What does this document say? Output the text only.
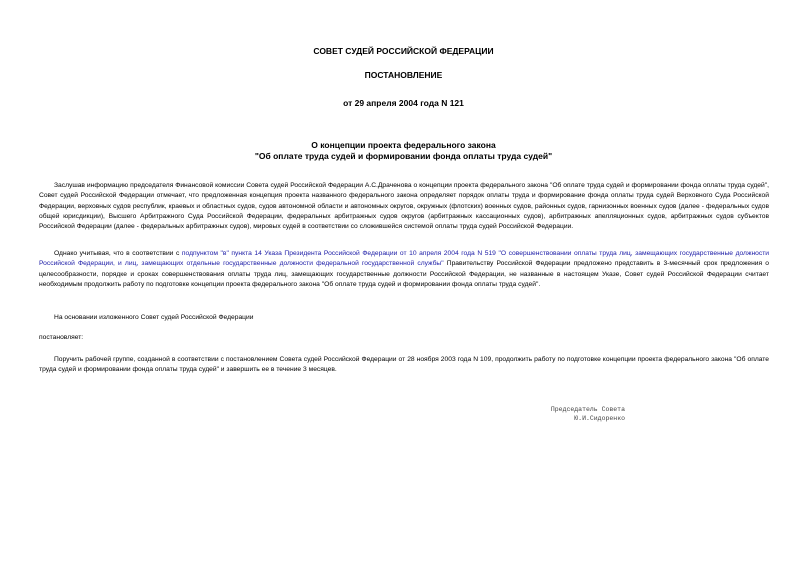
СОВЕТ СУДЕЙ РОССИЙСКОЙ ФЕДЕРАЦИИ
ПОСТАНОВЛЕНИЕ
от 29 апреля 2004 года N 121
О концепции проекта федерального закона
"Об оплате труда судей и формировании фонда оплаты труда судей"

Заслушав информацию председателя Финансовой комиссии Совета судей Российской Федерации А.С.Драченова о концепции проекта федерального закона "Об оплате труда судей и формировании фонда оплаты труда судей", Совет судей Российской Федерации отмечает, что предложенная концепция проекта названного федерального закона определяет порядок оплаты труда и формирование фонда оплаты труда судей Верховного Суда Российской Федерации, верховных судов республик, краевых и областных судов, судов автономной области и автономных округов, окружных (флотских) военных судов, районных судов, гарнизонных военных судов (далее - федеральных судов общей юрисдикции), Высшего Арбитражного Суда Российской Федерации, федеральных арбитражных судов округов (арбитражных кассационных судов), арбитражных апелляционных судов, арбитражных судов субъектов Российской Федерации (далее - федеральных арбитражных судов), мировых судей в соответствии со сложившейся системой оплаты труда судей Российской Федерации.

Однако учитывая, что в соответствии с подпунктом "в" пункта 14 Указа Президента Российской Федерации от 10 апреля 2004 года N 519 "О совершенствовании оплаты труда лиц, замещающих государственные должности Российской Федерации, и лиц, замещающих отдельные государственные должности федеральной государственной службы" Правительству Российской Федерации предложено представить в 3-месячный срок предложения о целесообразности, порядке и сроках совершенствования оплаты труда лиц, замещающих государственные должности Российской Федерации, не названные в настоящем Указе, Совет судей Российской Федерации считает необходимым продолжить работу по подготовке концепции проекта федерального закона "Об оплате труда судей и формировании фонда оплаты труда судей".

На основании изложенного Совет судей Российской Федерации

постановляет:

Поручить рабочей группе, созданной в соответствии с постановлением Совета судей Российской Федерации от 28 ноября 2003 года N 109, продолжить работу по подготовке концепции проекта федерального закона "Об оплате труда судей и формировании фонда оплаты труда судей" и завершить ее в течение 3 месяцев.

Председатель Совета
Ю.И.Сидоренко
